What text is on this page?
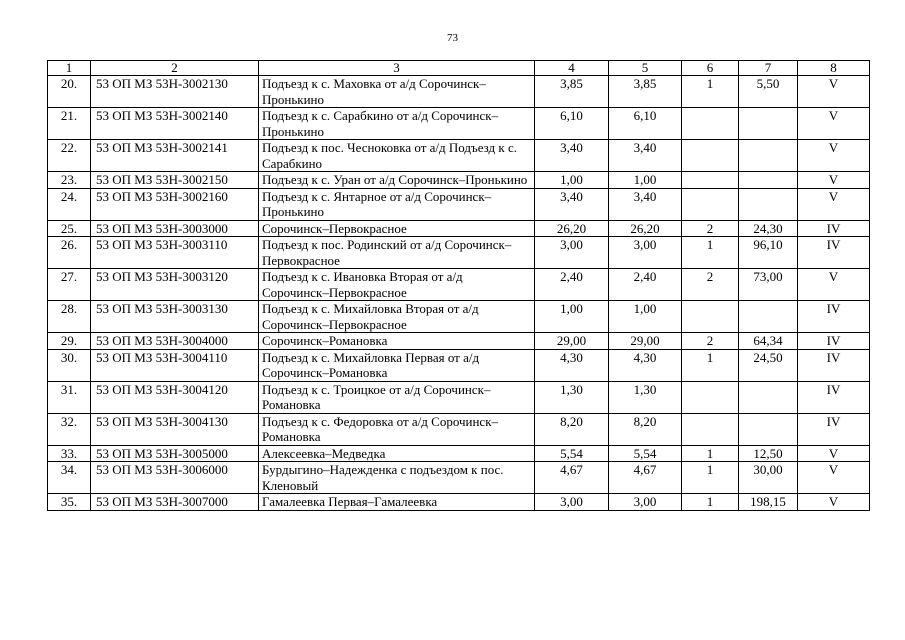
73
1	2	3	4	5	6	7	8
20.	53 ОП МЗ 53Н-3002130	Подъезд к с. Маховка от а/д Сорочинск–Пронькино	3,85	3,85	1	5,50	V
21.	53 ОП МЗ 53Н-3002140	Подъезд к с. Сарабкино от а/д Сорочинск–Пронькино	6,10	6,10			V
22.	53 ОП МЗ 53Н-3002141	Подъезд к пос. Чесноковка от а/д Подъезд к с. Сарабкино	3,40	3,40			V
23.	53 ОП МЗ 53Н-3002150	Подъезд к с. Уран от а/д Сорочинск–Пронькино	1,00	1,00			V
24.	53 ОП МЗ 53Н-3002160	Подъезд к с. Янтарное от а/д Сорочинск–Пронькино	3,40	3,40			V
25.	53 ОП МЗ 53Н-3003000	Сорочинск–Первокрасное	26,20	26,20	2	24,30	IV
26.	53 ОП МЗ 53Н-3003110	Подъезд к пос. Родинский от а/д Сорочинск–Первокрасное	3,00	3,00	1	96,10	IV
27.	53 ОП МЗ 53Н-3003120	Подъезд к с. Ивановка Вторая от а/д Сорочинск–Первокрасное	2,40	2,40	2	73,00	V
28.	53 ОП МЗ 53Н-3003130	Подъезд к с. Михайловка Вторая от а/д Сорочинск–Первокрасное	1,00	1,00			IV
29.	53 ОП МЗ 53Н-3004000	Сорочинск–Романовка	29,00	29,00	2	64,34	IV
30.	53 ОП МЗ 53Н-3004110	Подъезд к с. Михайловка Первая от а/д Сорочинск–Романовка	4,30	4,30	1	24,50	IV
31.	53 ОП МЗ 53Н-3004120	Подъезд к с. Троицкое от а/д Сорочинск–Романовка	1,30	1,30			IV
32.	53 ОП МЗ 53Н-3004130	Подъезд к с. Федоровка от а/д Сорочинск–Романовка	8,20	8,20			IV
33.	53 ОП МЗ 53Н-3005000	Алексеевка–Медведка	5,54	5,54	1	12,50	V
34.	53 ОП МЗ 53Н-3006000	Бурдыгино–Надежденка с подъездом к пос. Кленовый	4,67	4,67	1	30,00	V
35.	53 ОП МЗ 53Н-3007000	Гамалеевка Первая–Гамалеевка	3,00	3,00	1	198,15	V
